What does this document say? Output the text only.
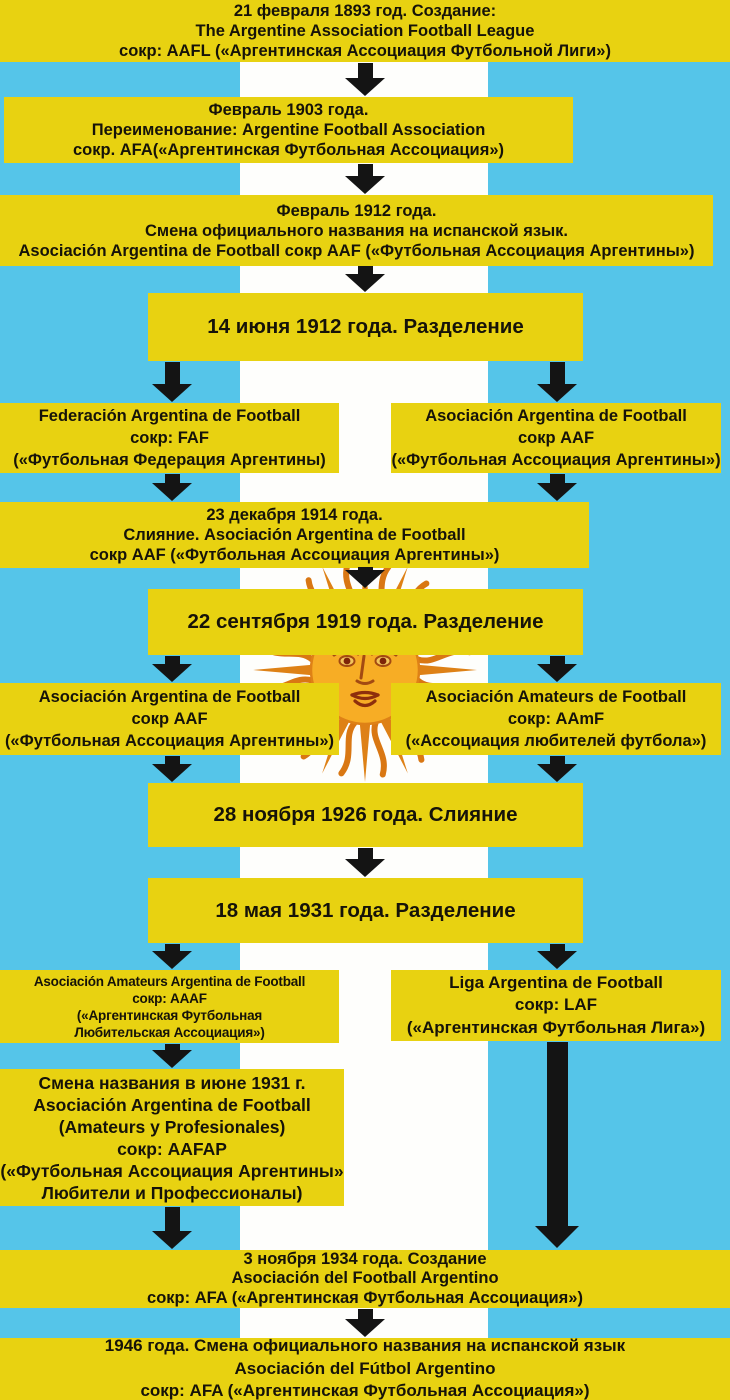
21 февраля 1893 год. Создание:
The Argentine Association Football League
сокр: AAFL («Аргентинская Ассоциация Футбольной Лиги»)
Февраль 1903 года.
Переименование: Argentine Football Association
сокр. AFA(«Аргентинская Футбольная Ассоциация»)
Февраль 1912 года.
Смена официального названия на испанской язык.
Asociación Argentina de Football сокр AAF («Футбольная Ассоциация Аргентины»)
14 июня 1912 года. Разделение
Federación Argentina de Football
сокр: FAF
(«Футбольная Федерация Аргентины)
Asociación Argentina de Football
сокр AAF
(«Футбольная Ассоциация Аргентины»)
23 декабря 1914 года.
Слияние. Asociación Argentina de Football
сокр AAF («Футбольная Ассоциация Аргентины»)
22 сентября 1919 года. Разделение
Asociación Argentina de Football
сокр AAF
(«Футбольная Ассоциация Аргентины»)
Asociación Amateurs de Football
сокр: AAmF
(«Ассоциация любителей футбола»)
28 ноября 1926 года. Слияние
18 мая 1931 года. Разделение
Asociación Amateurs Argentina de Football
сокр: AAAF
(«Аргентинская Футбольная
Любительская Ассоциация»)
Liga Argentina de Football
сокр: LAF
(«Аргентинская Футбольная Лига»)
Смена названия в июне 1931 г.
Asociación Argentina de Football
(Amateurs y Profesionales)
сокр: AAFAP
(«Футбольная Ассоциация Аргентины»
Любители и Профессионалы)
3 ноября 1934 года. Создание
Asociación del Football Argentino
сокр: AFA («Аргентинская Футбольная Ассоциация»)
1946 года. Смена официального названия на испанской язык
Asociación del Fútbol Argentino
сокр: AFA («Аргентинская Футбольная Ассоциация»)
